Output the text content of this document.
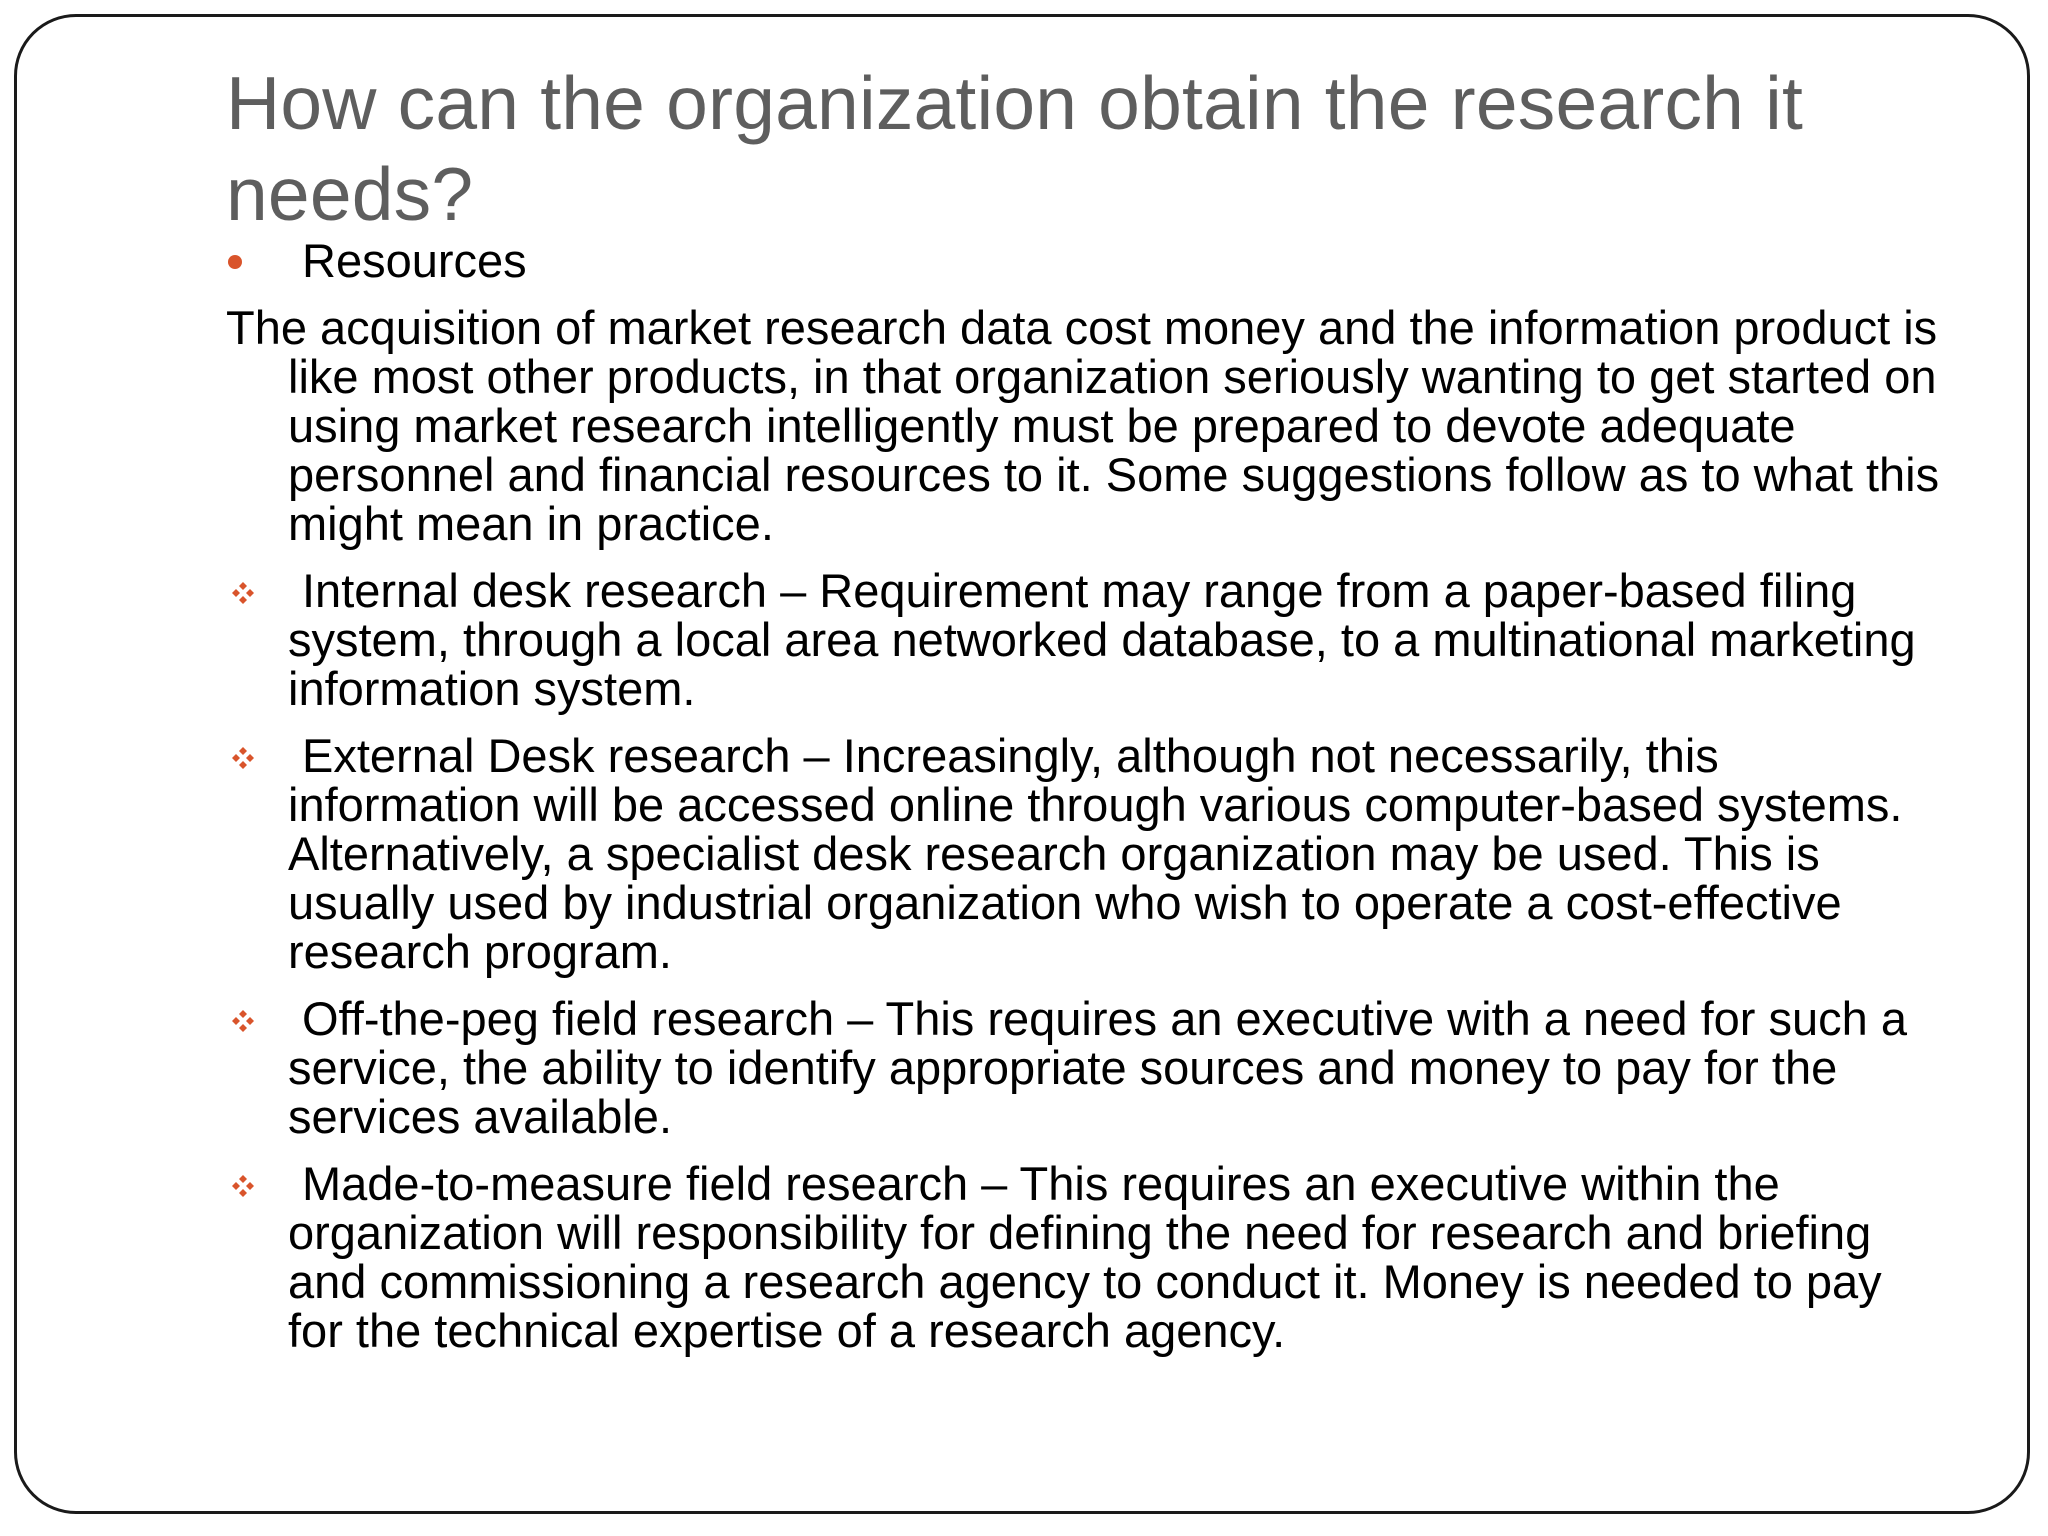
How can the organization obtain the research it needs?
Resources

The acquisition of market research data cost money and the information product is like most other products, in that organization seriously wanting to get started on using market research intelligently must be prepared to devote adequate personnel and financial resources to it. Some suggestions follow as to what this might mean in practice.

Internal desk research – Requirement may range from a paper-based filing system, through a local area networked database, to a multinational marketing information system.
External Desk research – Increasingly, although not necessarily, this information will be accessed online through various computer-based systems. Alternatively, a specialist desk research organization may be used. This is usually used by industrial organization who wish to operate a cost-effective research program.
Off-the-peg field research – This requires an executive with a need for such a service, the ability to identify appropriate sources and money to pay for the services available.
Made-to-measure field research – This requires an executive within the organization will responsibility for defining the need for research and briefing and commissioning a research agency to conduct it. Money is needed to pay for the technical expertise of a research agency.
